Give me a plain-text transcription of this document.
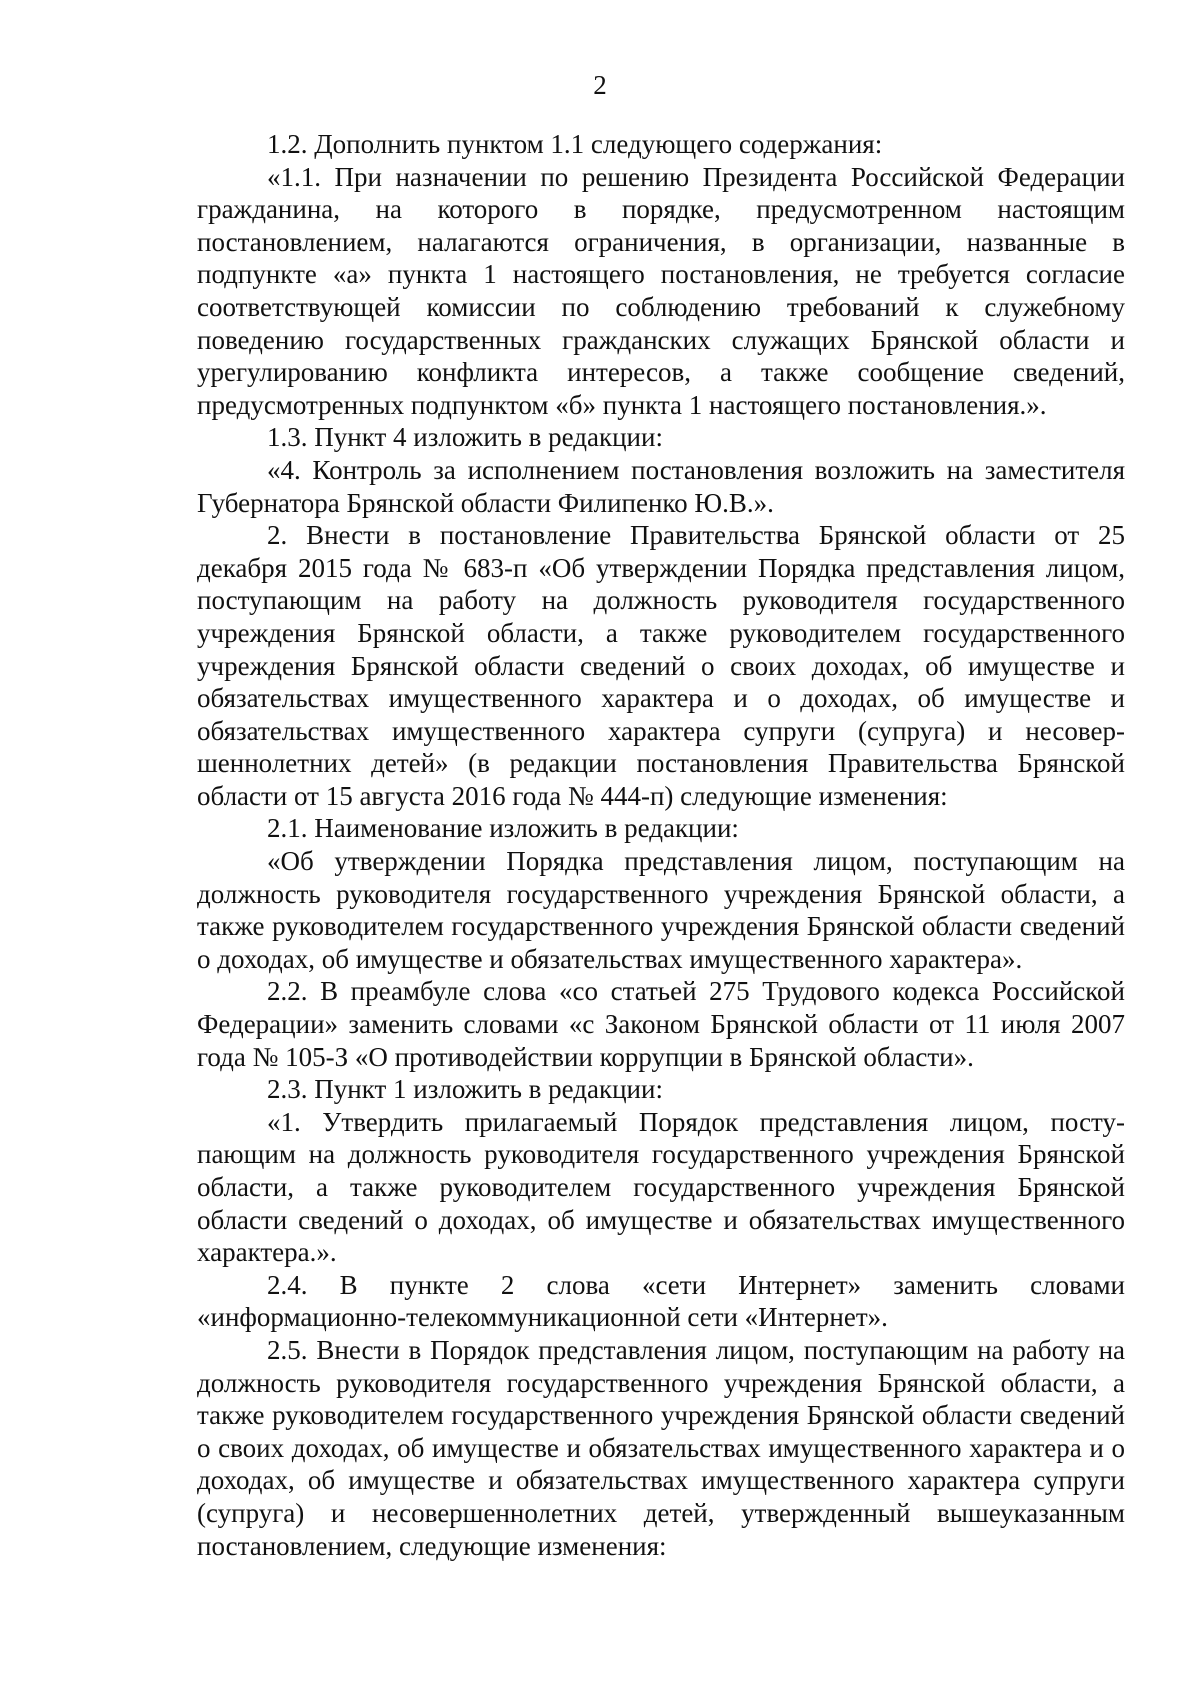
2

1.2. Дополнить пунктом 1.1 следующего содержания:

«1.1. При назначении по решению Президента Российской Федерации гражданина, на которого в порядке, предусмотренном настоящим постановлением, налагаются ограничения, в организации, названные в подпункте «а» пункта 1 настоящего постановления, не требуется согласие соответствующей комиссии по соблюдению требований к служебному поведению государственных гражданских служащих Брянской области и урегулированию конфликта интересов, а также сообщение сведений, предусмотренных подпунктом «б» пункта 1 настоящего постановления.».

1.3. Пункт 4 изложить в редакции:

«4. Контроль за исполнением постановления возложить на заместителя Губернатора Брянской области Филипенко Ю.В.».

2. Внести в постановление Правительства Брянской области от 25 декабря 2015 года № 683-п «Об утверждении Порядка представления лицом, поступающим на работу на должность руководителя государственного учреждения Брянской области, а также руководителем государственного учреждения Брянской области сведений о своих доходах, об имуществе и обязательствах имущественного характера и о доходах, об имуществе и обязательствах имущественного характера супруги (супруга) и несовершеннолетних детей» (в редакции постановления Правительства Брянской области от 15 августа 2016 года № 444-п) следующие изменения:

2.1. Наименование изложить в редакции:

«Об утверждении Порядка представления лицом, поступающим на должность руководителя государственного учреждения Брянской области, а также руководителем государственного учреждения Брянской области сведений о доходах, об имуществе и обязательствах имущественного характера».

2.2. В преамбуле слова «со статьей 275 Трудового кодекса Российской Федерации» заменить словами «с Законом Брянской области от 11 июля 2007 года № 105-З «О противодействии коррупции в Брянской области».

2.3. Пункт 1 изложить в редакции:

«1. Утвердить прилагаемый Порядок представления лицом, поступающим на должность руководителя государственного учреждения Брянской области, а также руководителем государственного учреждения Брянской области сведений о доходах, об имуществе и обязательствах имущественного характера.».

2.4. В пункте 2 слова «сети Интернет» заменить словами «информационно-телекоммуникационной сети «Интернет».

2.5. Внести в Порядок представления лицом, поступающим на работу на должность руководителя государственного учреждения Брянской области, а также руководителем государственного учреждения Брянской области сведений о своих доходах, об имуществе и обязательствах имущественного характера и о доходах, об имуществе и обязательствах имущественного характера супруги (супруга) и несовершеннолетних детей, утвержденный вышеуказанным постановлением, следующие изменения:
